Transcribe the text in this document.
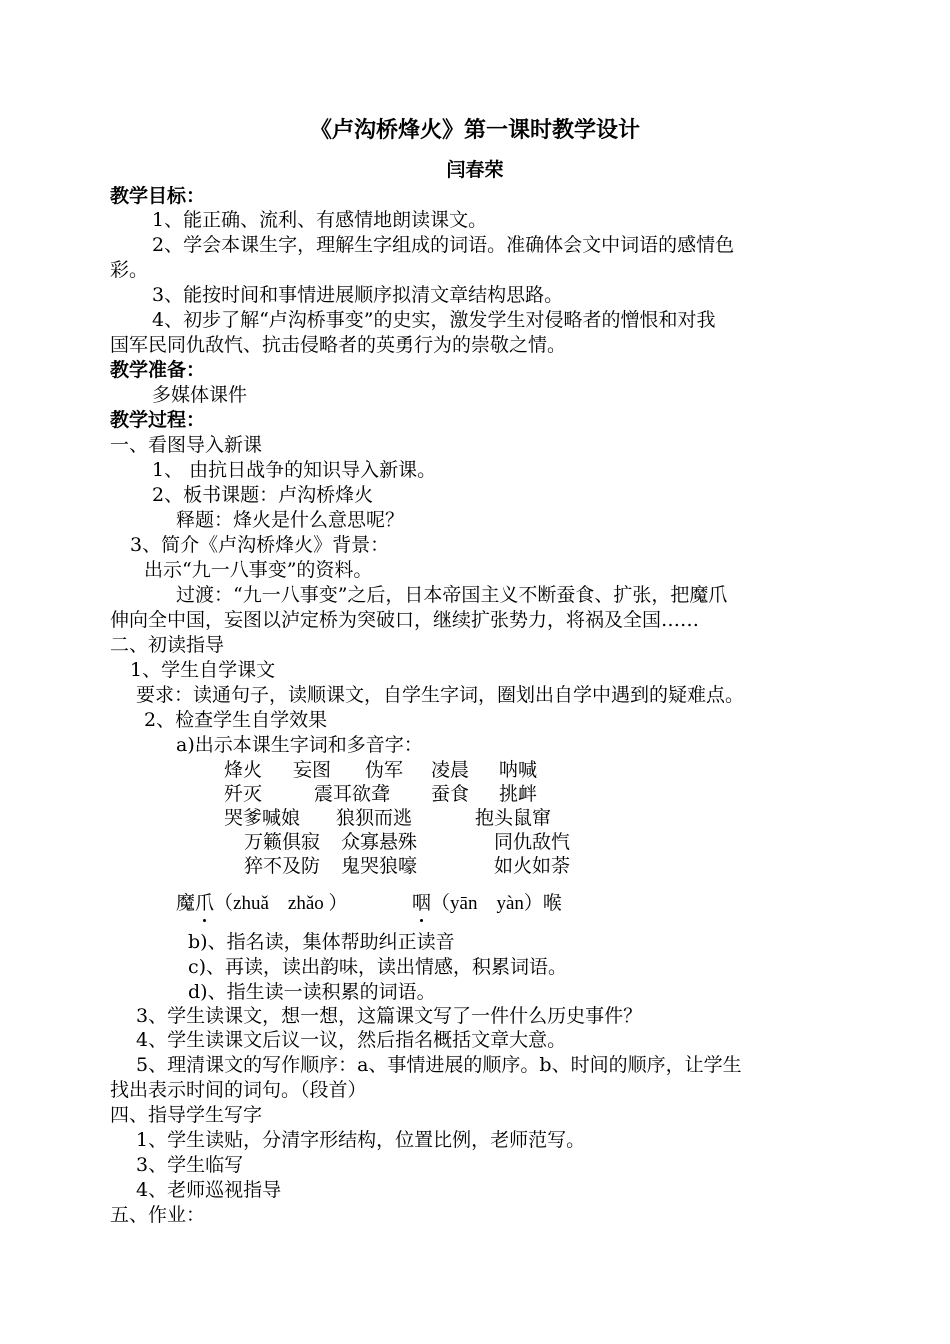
《卢沟桥烽火》第一课时教学设计
闫春荣
教学目标：
1、能正确、流利、有感情地朗读课文。
2、学会本课生字，理解生字组成的词语。准确体会文中词语的感情色
彩。
3、能按时间和事情进展顺序拟清文章结构思路。
4、初步了解“卢沟桥事变”的史实，激发学生对侵略者的憎恨和对我
国军民同仇敌忾、抗击侵略者的英勇行为的崇敬之情。
教学准备：
多媒体课件
教学过程：
一、看图导入新课
1、 由抗日战争的知识导入新课。
2、板书课题：卢沟桥烽火
释题：烽火是什么意思呢？
3、简介《卢沟桥烽火》背景：
出示“九一八事变”的资料。
过渡：“九一八事变”之后，日本帝国主义不断蚕食、扩张，把魔爪
伸向全中国，妄图以泸定桥为突破口，继续扩张势力，将祸及全国……
二、初读指导
1、学生自学课文
要求：读通句子，读顺课文，自学生字词，圈划出自学中遇到的疑难点。
2、检查学生自学效果
a)出示本课生字词和多音字：
烽火 妄图 伪军 凌晨 呐喊
歼灭	震耳欲聋 蚕食 挑衅
哭爹喊娘 狼狈而逃	抱头鼠窜
万籁俱寂 众寡悬殊	同仇敌忾
猝不及防 鬼哭狼嚎	如火如荼
魔爪（zhuǎ　zhǎo ）	咽（yān　yàn）喉
b)、指名读，集体帮助纠正读音
c)、再读，读出韵味，读出情感，积累词语。
d)、指生读一读积累的词语。
3、学生读课文，想一想，这篇课文写了一件什么历史事件？
4、学生读课文后议一议，然后指名概括文章大意。
5、理清课文的写作顺序：a、事情进展的顺序。b、时间的顺序，让学生
找出表示时间的词句。（段首）
四、指导学生写字
1、学生读贴，分清字形结构，位置比例，老师范写。
3、学生临写
4、老师巡视指导
五、作业：
